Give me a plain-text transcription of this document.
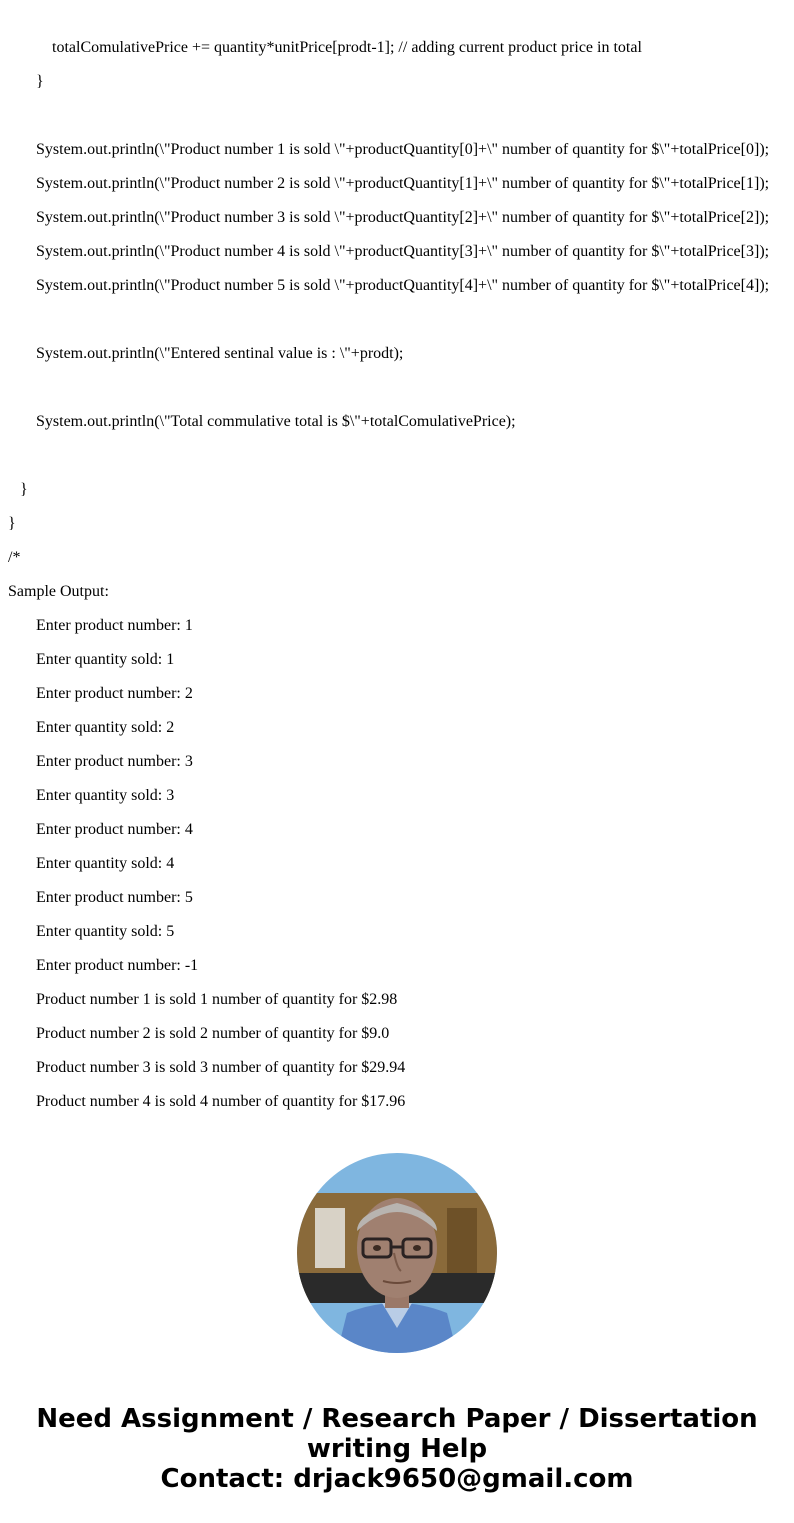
totalComulativePrice += quantity*unitPrice[prodt-1]; // adding current product price in total
}
System.out.println(\"Product number 1 is sold \"+productQuantity[0]+\" number of quantity for $\"+totalPrice[0]);
System.out.println(\"Product number 2 is sold \"+productQuantity[1]+\" number of quantity for $\"+totalPrice[1]);
System.out.println(\"Product number 3 is sold \"+productQuantity[2]+\" number of quantity for $\"+totalPrice[2]);
System.out.println(\"Product number 4 is sold \"+productQuantity[3]+\" number of quantity for $\"+totalPrice[3]);
System.out.println(\"Product number 5 is sold \"+productQuantity[4]+\" number of quantity for $\"+totalPrice[4]);
System.out.println(\"Entered sentinal value is : \"+prodt);
System.out.println(\"Total commulative total is $\"+totalComulativePrice);
}
}
/*
Sample Output:
Enter product number: 1
Enter quantity sold: 1
Enter product number: 2
Enter quantity sold: 2
Enter product number: 3
Enter quantity sold: 3
Enter product number: 4
Enter quantity sold: 4
Enter product number: 5
Enter quantity sold: 5
Enter product number: -1
Product number 1 is sold 1 number of quantity for $2.98
Product number 2 is sold 2 number of quantity for $9.0
Product number 3 is sold 3 number of quantity for $29.94
Product number 4 is sold 4 number of quantity for $17.96
Need Assignment / Research Paper / Dissertation
writing Help
Contact: drjack9650@gmail.com
